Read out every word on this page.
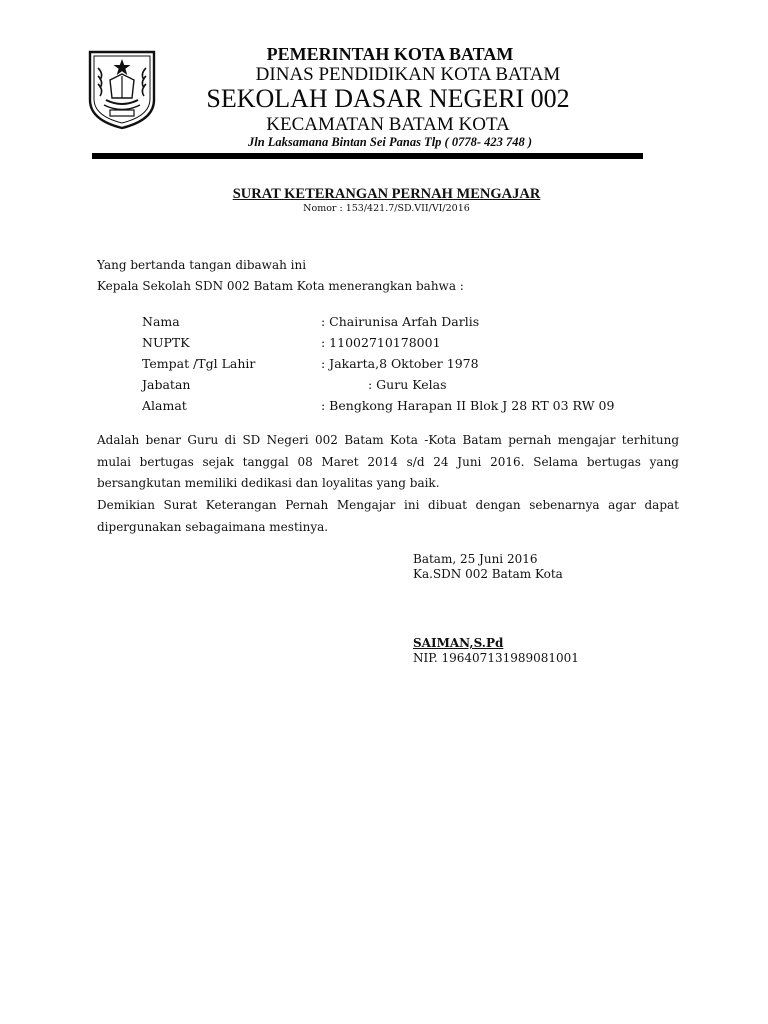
PEMERINTAH KOTA BATAM
DINAS PENDIDIKAN KOTA BATAM
SEKOLAH DASAR NEGERI 002
KECAMATAN BATAM KOTA
Jln Laksamana Bintan Sei Panas Tlp ( 0778- 423 748 )
SURAT KETERANGAN PERNAH MENGAJAR
Nomor : 153/421.7/SD.VII/VI/2016
Yang bertanda tangan dibawah ini
Kepala Sekolah SDN 002 Batam Kota menerangkan bahwa :
Nama	: Chairunisa Arfah Darlis
NUPTK	: 11002710178001
Tempat /Tgl Lahir	: Jakarta,8 Oktober 1978
Jabatan	: Guru Kelas
Alamat	: Bengkong Harapan II Blok J 28 RT 03 RW 09
Adalah benar Guru di SD Negeri 002 Batam Kota -Kota Batam pernah mengajar terhitung mulai bertugas sejak tanggal 08 Maret 2014 s/d 24 Juni 2016. Selama bertugas yang bersangkutan memiliki dedikasi dan loyalitas yang baik.
Demikian Surat Keterangan Pernah Mengajar ini dibuat dengan sebenarnya agar dapat dipergunakan sebagaimana mestinya.
Batam, 25 Juni 2016
Ka.SDN 002 Batam Kota
SAIMAN,S.Pd
NIP. 196407131989081001
